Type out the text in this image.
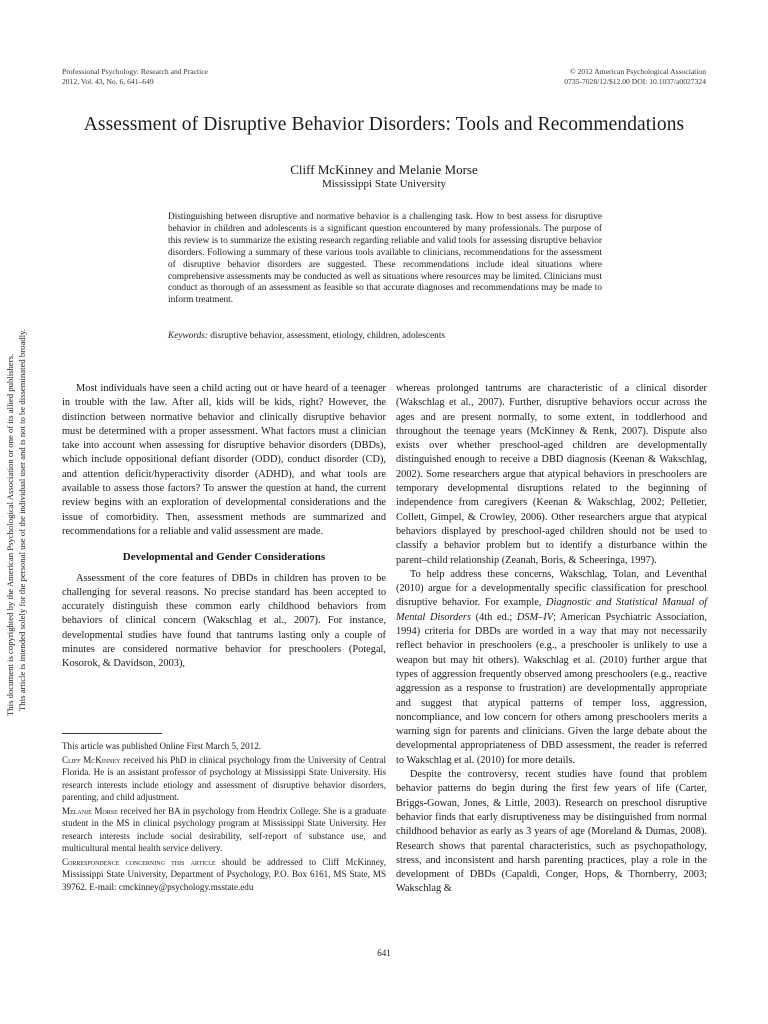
This document is copyrighted by the American Psychological Association or one of its allied publishers. This article is intended solely for the personal use of the individual user and is not to be disseminated broadly.
Professional Psychology: Research and Practice
2012, Vol. 43, No. 6, 641–649
© 2012 American Psychological Association
0735-7028/12/$12.00 DOI: 10.1037/a0027324
Assessment of Disruptive Behavior Disorders: Tools and Recommendations
Cliff McKinney and Melanie Morse
Mississippi State University

Distinguishing between disruptive and normative behavior is a challenging task. How to best assess for disruptive behavior in children and adolescents is a significant question encountered by many professionals. The purpose of this review is to summarize the existing research regarding reliable and valid tools for assessing disruptive behavior disorders. Following a summary of these various tools available to clinicians, recommendations for the assessment of disruptive behavior disorders are suggested. These recommendations include ideal situations where comprehensive assessments may be conducted as well as situations where resources may be limited. Clinicians must conduct as thorough of an assessment as feasible so that accurate diagnoses and recommendations may be made to inform treatment.

Keywords: disruptive behavior, assessment, etiology, children, adolescents

Most individuals have seen a child acting out or have heard of a teenager in trouble with the law. After all, kids will be kids, right? However, the distinction between normative behavior and clinically disruptive behavior must be determined with a proper assessment. What factors must a clinician take into account when assessing for disruptive behavior disorders (DBDs), which include oppositional defiant disorder (ODD), conduct disorder (CD), and attention deficit/hyperactivity disorder (ADHD), and what tools are available to assess those factors? To answer the question at hand, the current review begins with an exploration of developmental considerations and the issue of comorbidity. Then, assessment methods are summarized and recommendations for a reliable and valid assessment are made.

Developmental and Gender Considerations

Assessment of the core features of DBDs in children has proven to be challenging for several reasons. No precise standard has been accepted to accurately distinguish these common early childhood behaviors from behaviors of clinical concern (Wakschlag et al., 2007). For instance, developmental studies have found that tantrums lasting only a couple of minutes are considered normative behavior for preschoolers (Potegal, Kosorok, & Davidson, 2003),

whereas prolonged tantrums are characteristic of a clinical disorder (Wakschlag et al., 2007). Further, disruptive behaviors occur across the ages and are present normally, to some extent, in toddlerhood and throughout the teenage years (McKinney & Renk, 2007). Dispute also exists over whether preschool-aged children are developmentally distinguished enough to receive a DBD diagnosis (Keenan & Wakschlag, 2002). Some researchers argue that atypical behaviors in preschoolers are temporary developmental disruptions related to the beginning of independence from caregivers (Keenan & Wakschlag, 2002; Pelletier, Collett, Gimpel, & Crowley, 2006). Other researchers argue that atypical behaviors displayed by preschool-aged children should not be used to classify a behavior problem but to identify a disturbance within the parent–child relationship (Zeanah, Boris, & Scheeringa, 1997).

To help address these concerns, Wakschlag, Tolan, and Leventhal (2010) argue for a developmentally specific classification for preschool disruptive behavior. For example, Diagnostic and Statistical Manual of Mental Disorders (4th ed.; DSM–IV; American Psychiatric Association, 1994) criteria for DBDs are worded in a way that may not necessarily reflect behavior in preschoolers (e.g., a preschooler is unlikely to use a weapon but may hit others). Wakschlag et al. (2010) further argue that types of aggression frequently observed among preschoolers (e.g., reactive aggression as a response to frustration) are developmentally appropriate and suggest that atypical patterns of temper loss, aggression, noncompliance, and low concern for others among preschoolers merits a warning sign for parents and clinicians. Given the large debate about the developmental appropriateness of DBD assessment, the reader is referred to Wakschlag et al. (2010) for more details.

Despite the controversy, recent studies have found that problem behavior patterns do begin during the first few years of life (Carter, Briggs-Gowan, Jones, & Little, 2003). Research on preschool disruptive behavior finds that early disruptiveness may be distinguished from normal childhood behavior as early as 3 years of age (Moreland & Dumas, 2008). Research shows that parental characteristics, such as psychopathology, stress, and inconsistent and harsh parenting practices, play a role in the development of DBDs (Capaldi, Conger, Hops, & Thornberry, 2003; Wakschlag &

This article was published Online First March 5, 2012.

Cliff McKinney received his PhD in clinical psychology from the University of Central Florida. He is an assistant professor of psychology at Mississippi State University. His research interests include etiology and assessment of disruptive behavior disorders, parenting, and child adjustment.

Melanie Morse received her BA in psychology from Hendrix College. She is a graduate student in the MS in clinical psychology program at Mississippi State University. Her research interests include social desirability, self-report of substance use, and multicultural mental health service delivery.

Correspondence concerning this article should be addressed to Cliff McKinney, Mississippi State University, Department of Psychology, P.O. Box 6161, MS State, MS 39762. E-mail: cmckinney@psychology.msstate.edu

641
